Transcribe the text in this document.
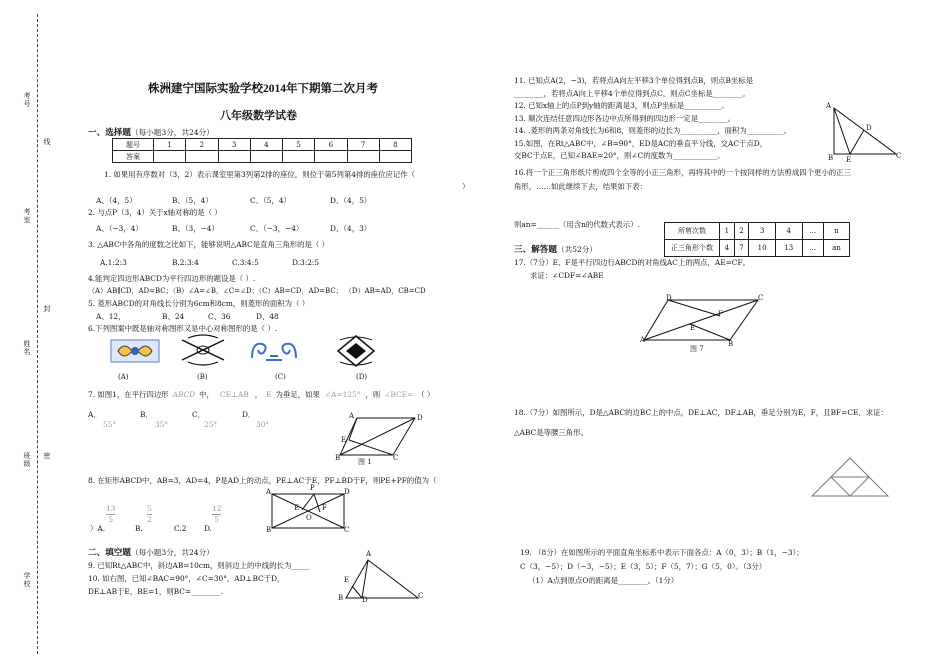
考号
线
考室
封
姓名
班级 密
学校
株洲建宁国际实验学校2014年下期第二次月考
八年级数学试卷
一、选择题（每小题3分，共24分）
题号	1	2	3	4	5	6	7	8
答案								
1. 如果用有序数对（3，2）表示课室里第3列第2排的座位，则位于第5列第4排的座位应记作（
）
A、（4，5）	B、（5，4）	C、（5，4）	D、（4，5）
2. 与点P（3，4）关于x轴对称的是（ ）
A、（−3，4）	B、（3，−4）	C、（−3，−4）	D、（4，3）
3. △ABC中各角的度数之比如下，能够说明△ABC是直角三角形的是（ ）
A.1:2:3	B.2:3:4	C.3:4:5	D.3:2:5
4.能判定四边形ABCD为平行四边形的题设是（ ）.
（A）AB∥CD，AD=BC；（B）∠A=∠B，∠C=∠D；（C）AB=CD，AD=BC； （D）AB=AD，CB=CD
5. 菱形ABCD的对角线长分别为6cm和8cm，则菱形的面积为（ ）
A、12，	B、24	C、36	D、48
6.下列图案中既是轴对称图形又是中心对称图形的是（ ）.
(A)	(B)	(C)	(D)
7. 如图1，在平行四边形 ABCD 中， CE⊥AB ， E 为垂足，如果 ∠A=125° ，则 ∠BCE= （ ）
A．
55°
B．
35°
C．
25°
D．
30°
D
A
E
B	C
图 1
8. 在矩形ABCD中，AB=3，AD=4，P是AD上的动点，PE⊥AC于E，PF⊥BD于F，则PE+PF的值为（
13
5
）A.	B.
5
2
C.2 D.
12
5
A	P	D
F
E
O
B	C
二、填空题（每小题3分，共24分）
9. 已知Rt△ABC中，斜边AB=10cm，则斜边上的中线的长为_____
10. 如右图，已知∠BAC=90°，∠C=30°，AD⊥BC于D，
DE⊥AB于E，BE=1，则BC=________.
A
E
B	D	C
11. 已知点A(2，−3)，若将点A向左平移3个单位得到点B，则点B坐标是
________，若将点A向上平移4个单位得到点C，则点C坐标是________。
12. 已知x轴上的点P到y轴的距离是3，则点P坐标是__________。
13. 顺次连结任意四边形各边中点所得到的四边形一定是________。
14. .菱形的两条对角线长为6和8，则菱形的边长为__________，面积为__________。
15.如图，在Rt△ABC中，∠B=90°，ED是AC的垂直平分线，交AC于点D，
交BC于点E，已知∠BAE=20°，则∠C的度数为____________。
A
D
B E	C
16.将一个正三角形纸片剪成四个全等的小正三角形，再将其中的一个按同样的方法剪成四个更小的正三
角形，……如此继续下去，结果如下表：
则an=______（用含n的代数式表示）.
所剪次数	1	2	3	4	…	n
正三角形个数	4	7	10	13	…	an
三、解答题（共52分）
17.（7分）E、F是平行四边行ABCD的对角线AC上的两点，AE=CF。
求证：∠CDF=∠ABE
D	C
F
E
A	B
图 7
18.（7分）如图所示，D是△ABC的边BC上的中点，DE⊥AC，DF⊥AB，垂足分别为E，F，且BF=CE．求证：
△ABC是等腰三角形。
19. （8分）在如图所示的平面直角坐标系中表示下面各点：A（0，3）；B（1，−3）；
C（3，−5）；D（−3，−5）；E（3，5）；F（5，7）；G（5，0）。（3分）
（1）A点到原点O的距离是________。（1分）
